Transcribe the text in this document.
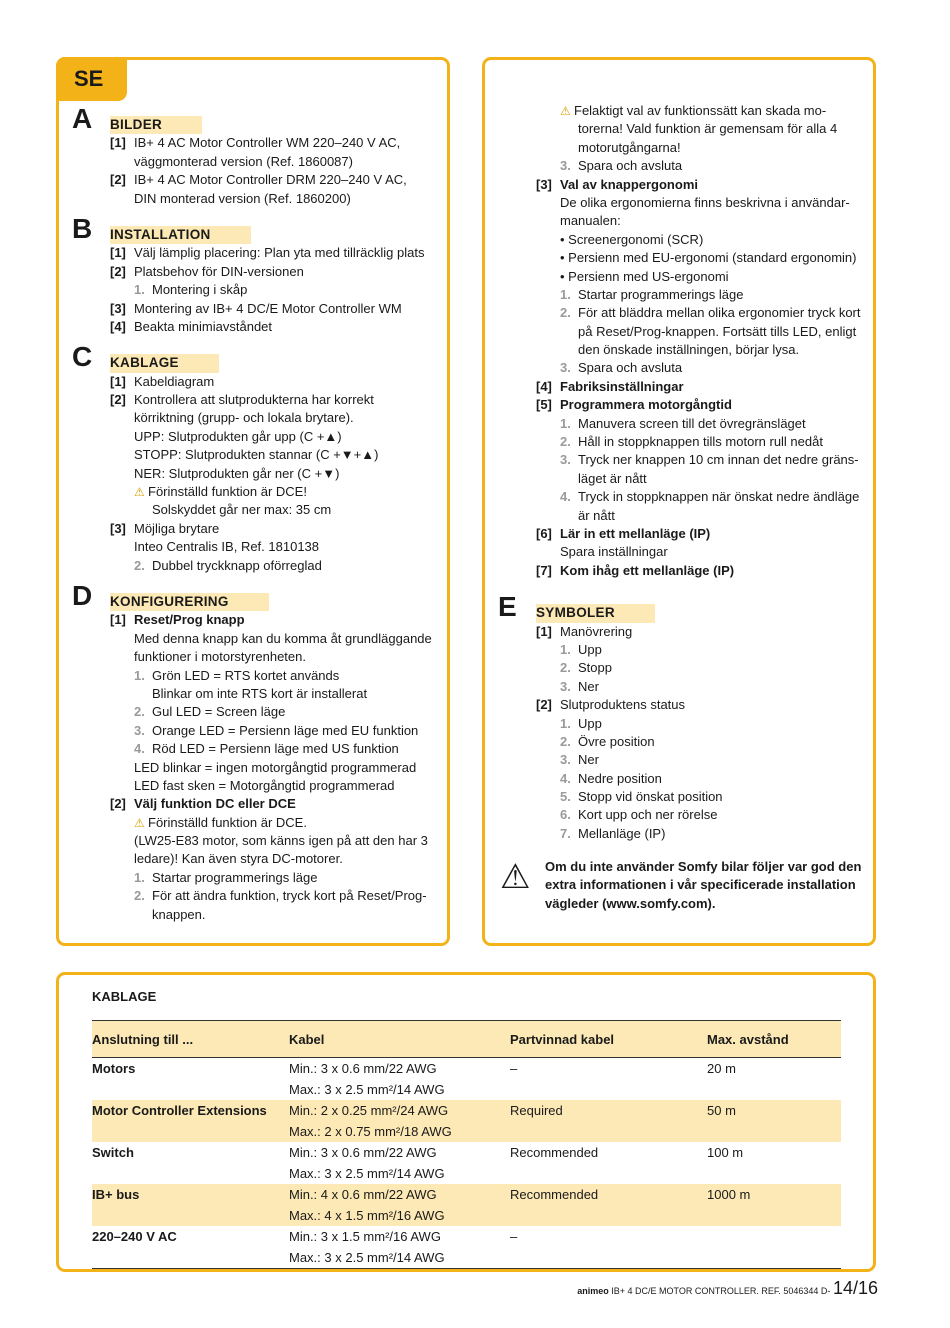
SE
A	BILDER
[1] IB+ 4 AC Motor Controller WM 220–240 V AC,
väggmonterad version (Ref. 1860087)
[2] IB+ 4 AC Motor Controller DRM 220–240 V AC,
DIN monterad version (Ref. 1860200)
B	INSTALLATION
[1] Välj lämplig placering: Plan yta med tillräcklig plats
[2] Platsbehov för DIN-versionen
1. Montering i skåp
[3] Montering av IB+ 4 DC/E Motor Controller WM
[4] Beakta minimiavståndet
C	KABLAGE
[1] Kabeldiagram
[2] Kontrollera att slutprodukterna har korrekt
körriktning (grupp- och lokala brytare).
UPP: Slutprodukten går upp (C +▲)
STOPP: Slutprodukten stannar (C +▼+▲)
NER: Slutprodukten går ner (C +▼)
⚠ Förinställd funktion är DCE!
Solskyddet går ner max: 35 cm
[3] Möjliga brytare
Inteo Centralis IB, Ref. 1810138
2. Dubbel tryckknapp oförreglad
D	KONFIGURERING
[1] Reset/Prog knapp
Med denna knapp kan du komma åt grundläggande
funktioner i motorstyrenheten.
1. Grön LED = RTS kortet används
Blinkar om inte RTS kort är installerat
2. Gul LED = Screen läge
3. Orange LED = Persienn läge med EU funktion
4. Röd LED = Persienn läge med US funktion
LED blinkar = ingen motorgångtid programmerad
LED fast sken = Motorgångtid programmerad
[2] Välj funktion DC eller DCE
⚠ Förinställd funktion är DCE.
(LW25-E83 motor, som känns igen på att den har 3
ledare)! Kan även styra DC-motorer.
1. Startar programmerings läge
2. För att ändra funktion, tryck kort på Reset/Prog-
knappen.
⚠ Felaktigt val av funktionssätt kan skada mo-
torerna! Vald funktion är gemensam för alla 4
motorutgångarna!
3. Spara och avsluta
[3] Val av knappergonomi
De olika ergonomierna finns beskrivna i användar-
manualen:
• Screenergonomi (SCR)
• Persienn med EU-ergonomi (standard ergonomin)
• Persienn med US-ergonomi
1. Startar programmerings läge
2. För att bläddra mellan olika ergonomier tryck kort
på Reset/Prog-knappen. Fortsätt tills LED, enligt
den önskade inställningen, börjar lysa.
3. Spara och avsluta
[4] Fabriksinställningar
[5] Programmera motorgångtid
1. Manuvera screen till det övregränsläget
2. Håll in stoppknappen tills motorn rull nedåt
3. Tryck ner knappen 10 cm innan det nedre gräns-
läget är nått
4. Tryck in stoppknappen när önskat nedre ändläge
är nått
[6] Lär in ett mellanläge (IP)
Spara inställningar
[7] Kom ihåg ett mellanläge (IP)
E	SYMBOLER
[1] Manövrering
1. Upp
2. Stopp
3. Ner
[2] Slutproduktens status
1. Upp
2. Övre position
3. Ner
4. Nedre position
5. Stopp vid önskat position
6. Kort upp och ner rörelse
7. Mellanläge (IP)
⚠ Om du inte använder Somfy bilar följer var god den
extra informationen i vår specificerade installation
vägleder (www.somfy.com).
KABLAGE
Anslutning till ...	Kabel	Partvinnad kabel	Max. avstånd
Motors	Min.: 3 x 0.6 mm/22 AWG	–	20 m
	Max.: 3 x 2.5 mm²/14 AWG		
Motor Controller Extensions	Min.: 2 x 0.25 mm²/24 AWG	Required	50 m
	Max.: 2 x 0.75 mm²/18 AWG		
Switch	Min.: 3 x 0.6 mm/22 AWG	Recommended	100 m
	Max.: 3 x 2.5 mm²/14 AWG		
IB+ bus	Min.: 4 x 0.6 mm/22 AWG	Recommended	1000 m
	Max.: 4 x 1.5 mm²/16 AWG		
220–240 V AC	Min.: 3 x 1.5 mm²/16 AWG	–	
	Max.: 3 x 2.5 mm²/14 AWG		
animeo IB+ 4 DC/E MOTOR CONTROLLER. REF. 5046344 D- 14/16
